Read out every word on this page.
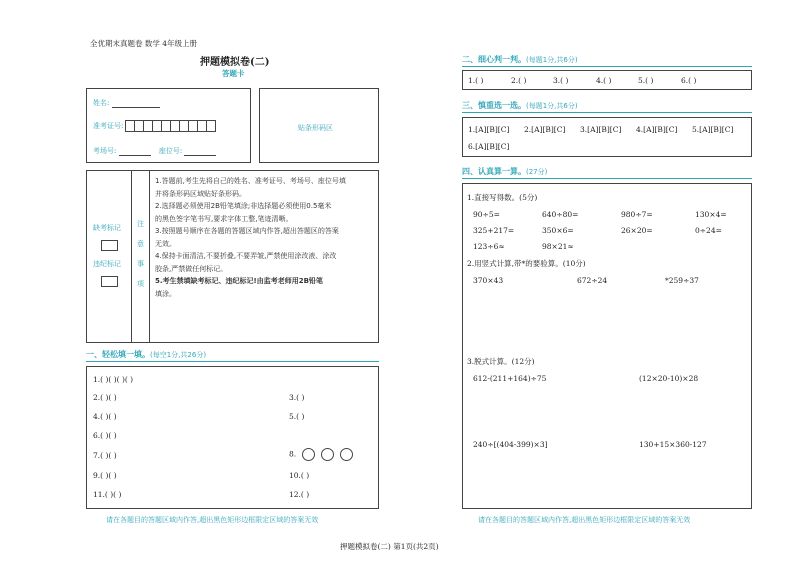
全优期末真题卷 数学 4年级上册
押题模拟卷(二)
答题卡
姓名:
准考证号:
考场号:	座位号:
贴条形码区
缺考标记
违纪标记
注
意
事
项

1.答题前,考生先将自己的姓名、准考证号、考场号、座位号填

并将条形码区域贴好条形码。

2.选择题必须使用2B铅笔填涂;非选择题必须使用0.5毫米

的黑色签字笔书写,要求字体工整,笔迹清晰。

3.按照题号顺序在各题的答题区域内作答,超出答题区的答案

无效。

4.保持卡面清洁,不要折叠,不要弄皱,严禁使用涂改液、涂改

胶条,严禁做任何标记。

5.考生禁填缺考标记、违纪标记!由监考老师用2B铅笔

填涂。

一、轻松填一填。(每空1分,共26分)
1.( )( )( )( )
2.( )( )	3.( )
4.( )( )	5.( )
6.( )( )
7.( )( )	8.
9.( )( )	10.( )
11.( )( )	12.( )
请在各题目的答题区域内作答,超出黑色矩形边框限定区域的答案无效
二、细心判一判。(每题1分,共6分)
1.( )	2.( )	3.( )	4.( )	5.( )	6.( )
三、慎重选一选。(每题1分,共6分)
1.[A][B][C] 2.[A][B][C] 3.[A][B][C] 4.[A][B][C] 5.[A][B][C]
6.[A][B][C]
四、认真算一算。(27分)
1.直接写得数。(5分)
90÷5=	640÷80=	980÷7=	130×4=
325+217=	350×6=	26×20=	0÷24=
123÷6≈	98×21≈
2.用竖式计算,带*的要验算。(10分)
370×43	672÷24	*259÷37
3.脱式计算。(12分)
612-(211+164)÷75	(12×20-10)×28
240÷[(404-399)×3]	130+15×360-127
请在各题目的答题区域内作答,超出黑色矩形边框限定区域的答案无效
押题模拟卷(二) 第1页(共2页)
